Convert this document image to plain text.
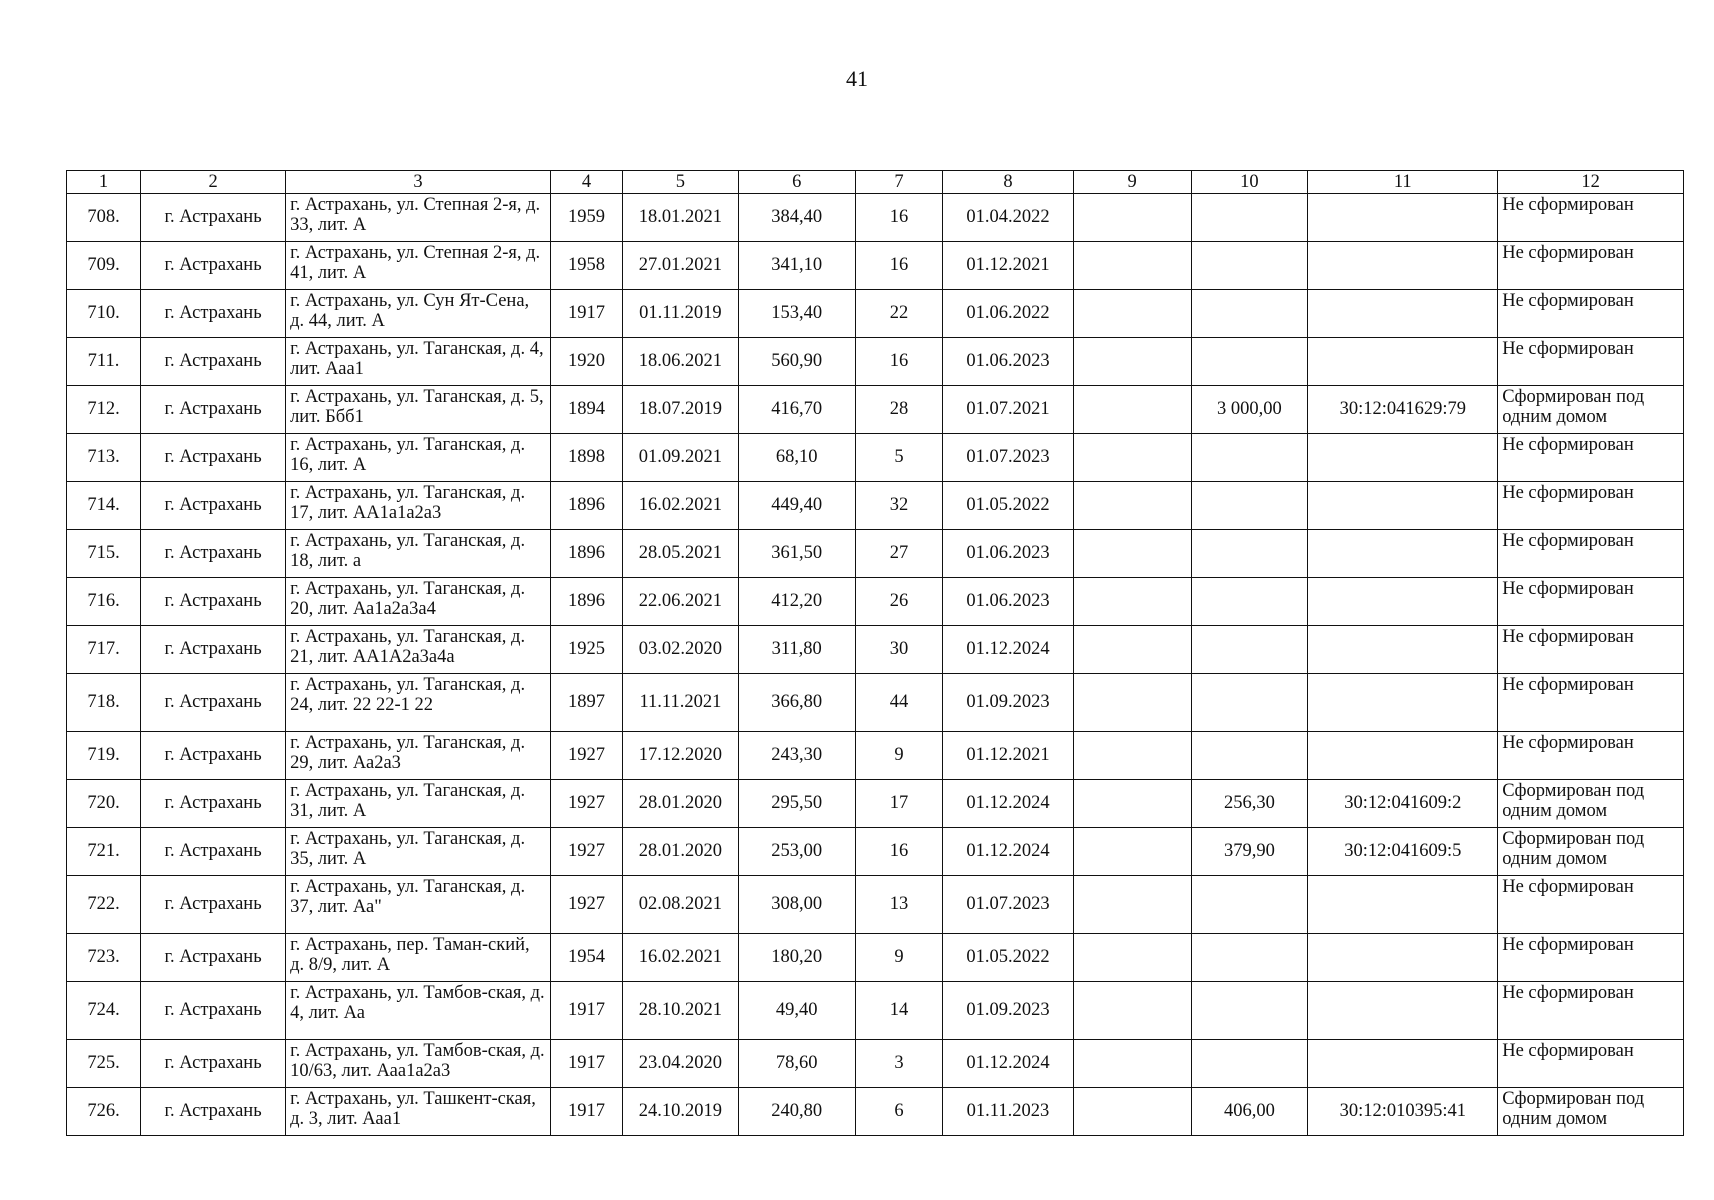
41
1	2	3	4	5	6	7	8	9	10	11	12
708.	г. Астрахань	г. Астрахань, ул. Степная 2-я, д. 33, лит. А	1959	18.01.2021	384,40	16	01.04.2022				Не сформирован
709.	г. Астрахань	г. Астрахань, ул. Степная 2-я, д. 41, лит. А	1958	27.01.2021	341,10	16	01.12.2021				Не сформирован
710.	г. Астрахань	г. Астрахань, ул. Сун Ят-Сена, д. 44, лит. А	1917	01.11.2019	153,40	22	01.06.2022				Не сформирован
711.	г. Астрахань	г. Астрахань, ул. Таганская, д. 4, лит. Ааа1	1920	18.06.2021	560,90	16	01.06.2023				Не сформирован
712.	г. Астрахань	г. Астрахань, ул. Таганская, д. 5, лит. Ббб1	1894	18.07.2019	416,70	28	01.07.2021		3 000,00	30:12:041629:79	Сформирован под одним домом
713.	г. Астрахань	г. Астрахань, ул. Таганская, д. 16, лит. А	1898	01.09.2021	68,10	5	01.07.2023				Не сформирован
714.	г. Астрахань	г. Астрахань, ул. Таганская, д. 17, лит. АА1а1а2а3	1896	16.02.2021	449,40	32	01.05.2022				Не сформирован
715.	г. Астрахань	г. Астрахань, ул. Таганская, д. 18, лит. а	1896	28.05.2021	361,50	27	01.06.2023				Не сформирован
716.	г. Астрахань	г. Астрахань, ул. Таганская, д. 20, лит. Аа1а2а3а4	1896	22.06.2021	412,20	26	01.06.2023				Не сформирован
717.	г. Астрахань	г. Астрахань, ул. Таганская, д. 21, лит. АА1А2а3а4а	1925	03.02.2020	311,80	30	01.12.2024				Не сформирован
718.	г. Астрахань	г. Астрахань, ул. Таганская, д. 24, лит. 22 22-1 22	1897	11.11.2021	366,80	44	01.09.2023				Не сформирован
719.	г. Астрахань	г. Астрахань, ул. Таганская, д. 29, лит. Аа2а3	1927	17.12.2020	243,30	9	01.12.2021				Не сформирован
720.	г. Астрахань	г. Астрахань, ул. Таганская, д. 31, лит. А	1927	28.01.2020	295,50	17	01.12.2024		256,30	30:12:041609:2	Сформирован под одним домом
721.	г. Астрахань	г. Астрахань, ул. Таганская, д. 35, лит. А	1927	28.01.2020	253,00	16	01.12.2024		379,90	30:12:041609:5	Сформирован под одним домом
722.	г. Астрахань	г. Астрахань, ул. Таганская, д. 37, лит. Аа"	1927	02.08.2021	308,00	13	01.07.2023				Не сформирован
723.	г. Астрахань	г. Астрахань, пер. Таман-ский, д. 8/9, лит. А	1954	16.02.2021	180,20	9	01.05.2022				Не сформирован
724.	г. Астрахань	г. Астрахань, ул. Тамбов-ская, д. 4, лит. Аа	1917	28.10.2021	49,40	14	01.09.2023				Не сформирован
725.	г. Астрахань	г. Астрахань, ул. Тамбов-ская, д. 10/63, лит. Ааа1а2а3	1917	23.04.2020	78,60	3	01.12.2024				Не сформирован
726.	г. Астрахань	г. Астрахань, ул. Ташкент-ская, д. 3, лит. Ааа1	1917	24.10.2019	240,80	6	01.11.2023		406,00	30:12:010395:41	Сформирован под одним домом
